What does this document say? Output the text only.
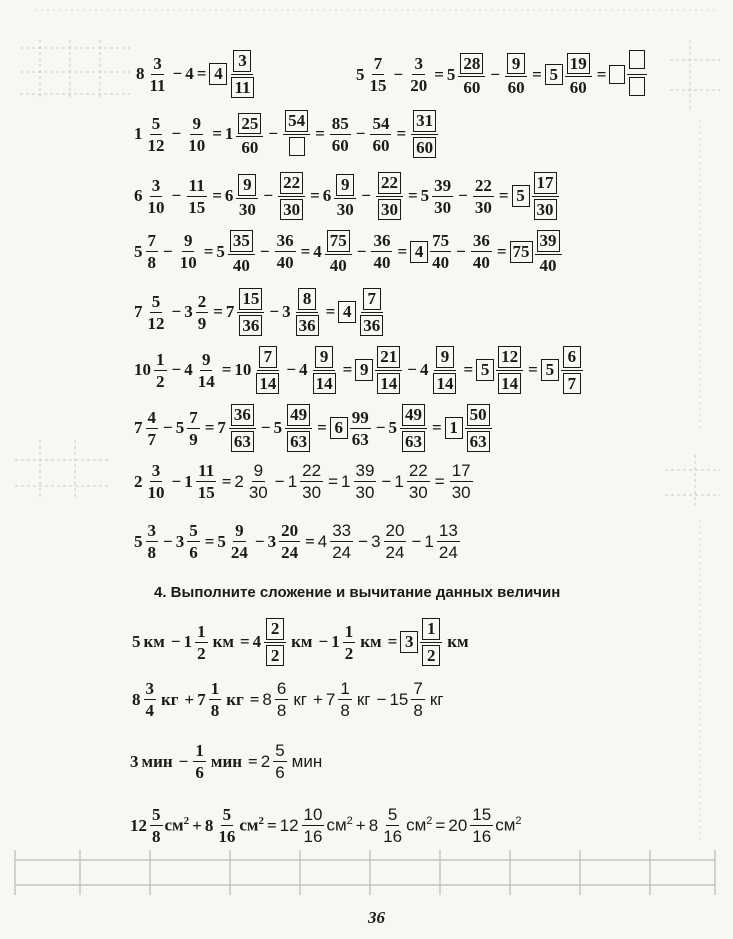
$8 \frac{3}{11} - 4 = 4 \frac{3}{11}$	$5 \frac{7}{15} - \frac{3}{20} = 5 \frac{28}{60} - \frac{9}{60} = 5 \frac{19}{60}$ =
$1 \frac{5}{12} - \frac{9}{10} = 1 \frac{25}{60}$ −
54
= $\frac{85}{60} - \frac{54}{60} = \frac{31}{60}$
$6 \frac{3}{10} - \frac{11}{15} = 6 \frac{9}{30} - \frac{22}{30} = 6 \frac{9}{30} - \frac{22}{30} = 5 \frac{39}{30} - \frac{22}{30} = 5 \frac{17}{30}$
$5 \frac{7}{8} - \frac{9}{10} = 5 \frac{35}{40} - \frac{36}{40} = 4 \frac{75}{40} - \frac{36}{40} = 4 \frac{75}{40} - \frac{36}{40} = 75 \frac{39}{40}$
$7 \frac{5}{12} - 3 \frac{2}{9} = 7 \frac{15}{36} - 3 \frac{8}{36} = 4 \frac{7}{36}$
$10 \frac{1}{2} - 4 \frac{9}{14} = 10 \frac{7}{14} - 4 \frac{9}{14} = 9 \frac{21}{14} - 4 \frac{9}{14} = 5 \frac{12}{14} = 5 \frac{6}{7}$
$7 \frac{4}{7} - 5 \frac{7}{9} = 7 \frac{36}{63} - 5 \frac{49}{63} = 6 \frac{99}{63} - 5 \frac{49}{63} = 1 \frac{50}{63}$
$2 \frac{3}{10} - 1 \frac{11}{15} = 2 \frac{9}{30} - 1 \frac{22}{30} = 1 \frac{39}{30} - 1 \frac{22}{30} = \frac{17}{30}$
$5 \frac{3}{8} - 3 \frac{5}{6} = 5 \frac{9}{24} - 3 \frac{20}{24} = 4 \frac{33}{24} - 3 \frac{20}{24} - 1 \frac{13}{24}$
4. Выполните сложение и вычитание данных величин
5 км − $1 \frac{1}{2}$ км = $4 \frac{2}{2}$ км − $1 \frac{1}{2}$ км = $3 \frac{1}{2}$ км
$8 \frac{3}{4}$ кг + $7 \frac{1}{8}$ кг = $8 \frac{6}{8}$ кг + $7 \frac{1}{8}$ кг − $15 \frac{7}{8}$ кг
3 мин − $\frac{1}{6}$ мин = $2 \frac{5}{6}$ мин
$12 \frac{5}{8} см^2 + 8 \frac{5}{16} см^2 = 12 \frac{10}{16} см^2 + 8 \frac{5}{16} см^2 = 20 \frac{15}{16} см^2$
36
